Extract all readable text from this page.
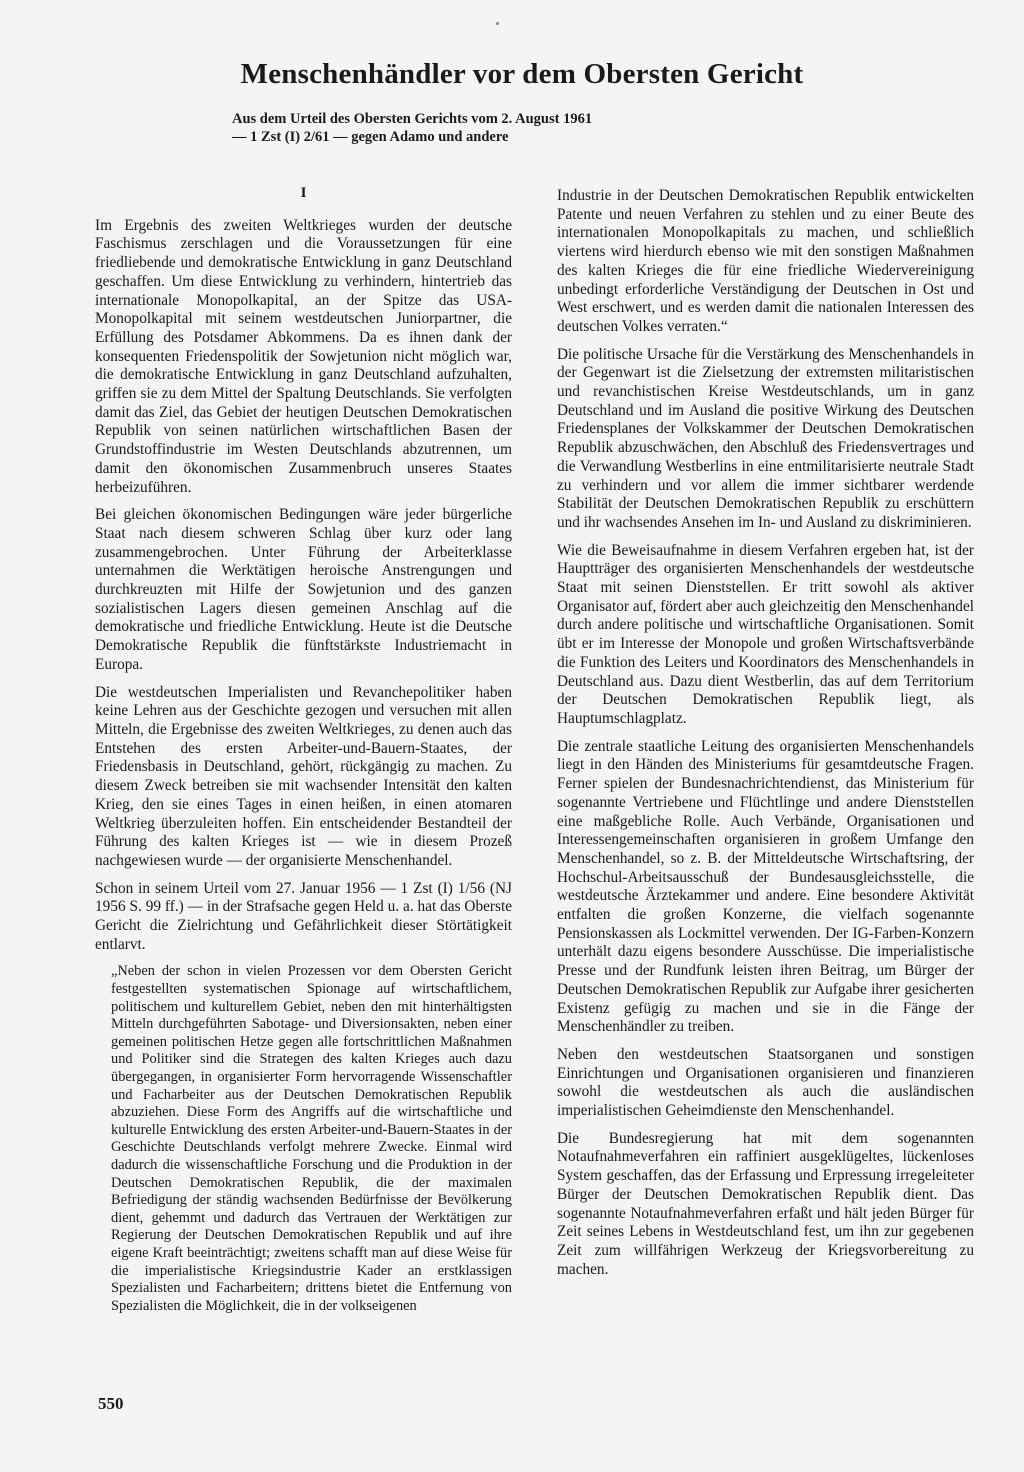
Menschenhändler vor dem Obersten Gericht
Aus dem Urteil des Obersten Gerichts vom 2. August 1961
— 1 Zst (I) 2/61 — gegen Adamo und andere
I

Im Ergebnis des zweiten Weltkrieges wurden der deutsche Faschismus zerschlagen und die Voraussetzungen für eine friedliebende und demokratische Entwicklung in ganz Deutschland geschaffen. Um diese Entwicklung zu verhindern, hintertrieb das internationale Monopolkapital, an der Spitze das USA-Monopolkapital mit seinem westdeutschen Juniorpartner, die Erfüllung des Potsdamer Abkommens. Da es ihnen dank der konsequenten Friedenspolitik der Sowjetunion nicht möglich war, die demokratische Entwicklung in ganz Deutschland aufzuhalten, griffen sie zu dem Mittel der Spaltung Deutschlands. Sie verfolgten damit das Ziel, das Gebiet der heutigen Deutschen Demokratischen Republik von seinen natürlichen wirtschaftlichen Basen der Grundstoffindustrie im Westen Deutschlands abzutrennen, um damit den ökonomischen Zusammenbruch unseres Staates herbeizuführen.

Bei gleichen ökonomischen Bedingungen wäre jeder bürgerliche Staat nach diesem schweren Schlag über kurz oder lang zusammengebrochen. Unter Führung der Arbeiterklasse unternahmen die Werktätigen heroische Anstrengungen und durchkreuzten mit Hilfe der Sowjetunion und des ganzen sozialistischen Lagers diesen gemeinen Anschlag auf die demokratische und friedliche Entwicklung. Heute ist die Deutsche Demokratische Republik die fünftstärkste Industriemacht in Europa.

Die westdeutschen Imperialisten und Revanchepolitiker haben keine Lehren aus der Geschichte gezogen und versuchen mit allen Mitteln, die Ergebnisse des zweiten Weltkrieges, zu denen auch das Entstehen des ersten Arbeiter-und-Bauern-Staates, der Friedensbasis in Deutschland, gehört, rückgängig zu machen. Zu diesem Zweck betreiben sie mit wachsender Intensität den kalten Krieg, den sie eines Tages in einen heißen, in einen atomaren Weltkrieg überzuleiten hoffen. Ein entscheidender Bestandteil der Führung des kalten Krieges ist — wie in diesem Prozeß nachgewiesen wurde — der organisierte Menschenhandel.

Schon in seinem Urteil vom 27. Januar 1956 — 1 Zst (I) 1/56 (NJ 1956 S. 99 ff.) — in der Strafsache gegen Held u. a. hat das Oberste Gericht die Zielrichtung und Gefährlichkeit dieser Störtätigkeit entlarvt.

„Neben der schon in vielen Prozessen vor dem Obersten Gericht festgestellten systematischen Spionage auf wirtschaftlichem, politischem und kulturellem Gebiet, neben den mit hinterhältigsten Mitteln durchgeführten Sabotage- und Diversionsakten, neben einer gemeinen politischen Hetze gegen alle fortschrittlichen Maßnahmen und Politiker sind die Strategen des kalten Krieges auch dazu übergegangen, in organisierter Form hervorragende Wissenschaftler und Facharbeiter aus der Deutschen Demokratischen Republik abzuziehen. Diese Form des Angriffs auf die wirtschaftliche und kulturelle Entwicklung des ersten Arbeiter-und-Bauern-Staates in der Geschichte Deutschlands verfolgt mehrere Zwecke. Einmal wird dadurch die wissenschaftliche Forschung und die Produktion in der Deutschen Demokratischen Republik, die der maximalen Befriedigung der ständig wachsenden Bedürfnisse der Bevölkerung dient, gehemmt und dadurch das Vertrauen der Werktätigen zur Regierung der Deutschen Demokratischen Republik und auf ihre eigene Kraft beeinträchtigt; zweitens schafft man auf diese Weise für die imperialistische Kriegsindustrie Kader an erstklassigen Spezialisten und Facharbeitern; drittens bietet die Entfernung von Spezialisten die Möglichkeit, die in der volkseigenen

Industrie in der Deutschen Demokratischen Republik entwickelten Patente und neuen Verfahren zu stehlen und zu einer Beute des internationalen Monopolkapitals zu machen, und schließlich viertens wird hierdurch ebenso wie mit den sonstigen Maßnahmen des kalten Krieges die für eine friedliche Wiedervereinigung unbedingt erforderliche Verständigung der Deutschen in Ost und West erschwert, und es werden damit die nationalen Interessen des deutschen Volkes verraten.“

Die politische Ursache für die Verstärkung des Menschenhandels in der Gegenwart ist die Zielsetzung der extremsten militaristischen und revanchistischen Kreise Westdeutschlands, um in ganz Deutschland und im Ausland die positive Wirkung des Deutschen Friedensplanes der Volkskammer der Deutschen Demokratischen Republik abzuschwächen, den Abschluß des Friedensvertrages und die Verwandlung Westberlins in eine entmilitarisierte neutrale Stadt zu verhindern und vor allem die immer sichtbarer werdende Stabilität der Deutschen Demokratischen Republik zu erschüttern und ihr wachsendes Ansehen im In- und Ausland zu diskriminieren.

Wie die Beweisaufnahme in diesem Verfahren ergeben hat, ist der Hauptträger des organisierten Menschenhandels der westdeutsche Staat mit seinen Dienststellen. Er tritt sowohl als aktiver Organisator auf, fördert aber auch gleichzeitig den Menschenhandel durch andere politische und wirtschaftliche Organisationen. Somit übt er im Interesse der Monopole und großen Wirtschaftsverbände die Funktion des Leiters und Koordinators des Menschenhandels in Deutschland aus. Dazu dient Westberlin, das auf dem Territorium der Deutschen Demokratischen Republik liegt, als Hauptumschlagplatz.

Die zentrale staatliche Leitung des organisierten Menschenhandels liegt in den Händen des Ministeriums für gesamtdeutsche Fragen. Ferner spielen der Bundesnachrichtendienst, das Ministerium für sogenannte Vertriebene und Flüchtlinge und andere Dienststellen eine maßgebliche Rolle. Auch Verbände, Organisationen und Interessengemeinschaften organisieren in großem Umfange den Menschenhandel, so z. B. der Mitteldeutsche Wirtschaftsring, der Hochschul-Arbeitsausschuß der Bundesausgleichsstelle, die westdeutsche Ärztekammer und andere. Eine besondere Aktivität entfalten die großen Konzerne, die vielfach sogenannte Pensionskassen als Lockmittel verwenden. Der IG-Farben-Konzern unterhält dazu eigens besondere Ausschüsse. Die imperialistische Presse und der Rundfunk leisten ihren Beitrag, um Bürger der Deutschen Demokratischen Republik zur Aufgabe ihrer gesicherten Existenz gefügig zu machen und sie in die Fänge der Menschenhändler zu treiben.

Neben den westdeutschen Staatsorganen und sonstigen Einrichtungen und Organisationen organisieren und finanzieren sowohl die westdeutschen als auch die ausländischen imperialistischen Geheimdienste den Menschenhandel.

Die Bundesregierung hat mit dem sogenannten Notaufnahmeverfahren ein raffiniert ausgeklügeltes, lückenloses System geschaffen, das der Erfassung und Erpressung irregeleiteter Bürger der Deutschen Demokratischen Republik dient. Das sogenannte Notaufnahmeverfahren erfaßt und hält jeden Bürger für Zeit seines Lebens in Westdeutschland fest, um ihn zur gegebenen Zeit zum willfährigen Werkzeug der Kriegsvorbereitung zu machen.

550
